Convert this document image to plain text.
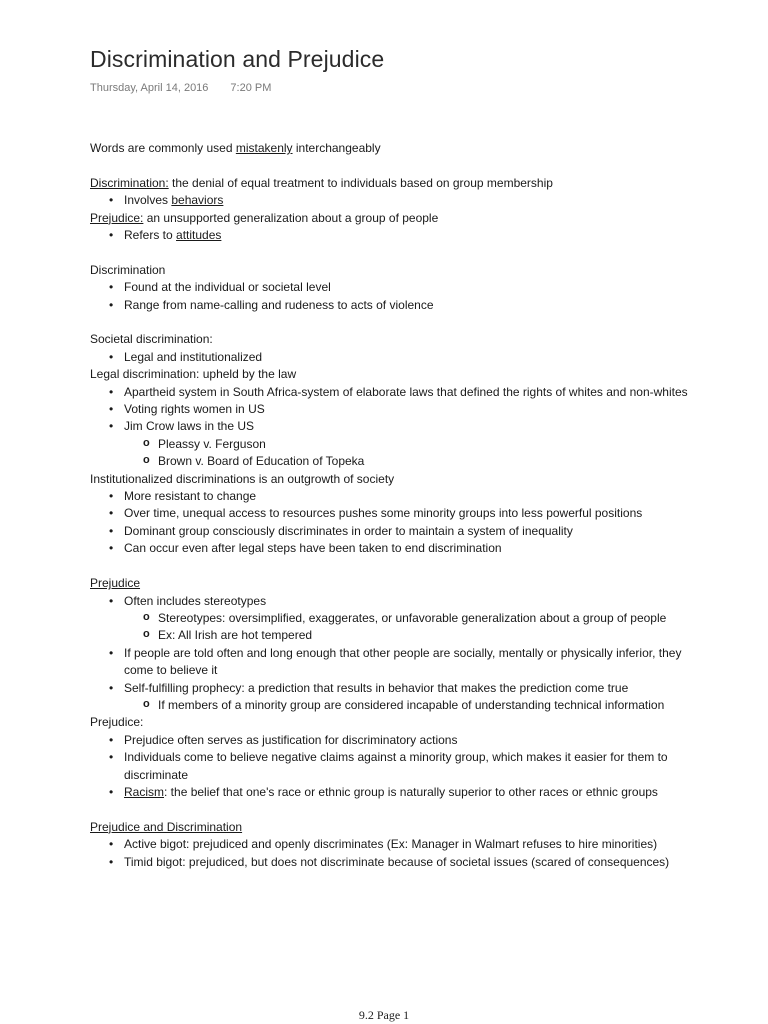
Discrimination and Prejudice
Thursday, April 14, 2016 7:20 PM

Words are commonly used mistakenly interchangeably

Discrimination: the denial of equal treatment to individuals based on group membership

• Involves behaviors

Prejudice: an unsupported generalization about a group of people

• Refers to attitudes

Discrimination

• Found at the individual or societal level
• Range from name-calling and rudeness to acts of violence

Societal discrimination:

• Legal and institutionalized

Legal discrimination: upheld by the law

• Apartheid system in South Africa-system of elaborate laws that defined the rights of whites and non-whites
• Voting rights women in US
• Jim Crow laws in the US
o Pleassy v. Ferguson
o Brown v. Board of Education of Topeka

Institutionalized discriminations is an outgrowth of society

• More resistant to change
• Over time, unequal access to resources pushes some minority groups into less powerful positions
• Dominant group consciously discriminates in order to maintain a system of inequality
• Can occur even after legal steps have been taken to end discrimination

Prejudice

• Often includes stereotypes
o Stereotypes: oversimplified, exaggerates, or unfavorable generalization about a group of people
o Ex: All Irish are hot tempered
• If people are told often and long enough that other people are socially, mentally or physically inferior, they come to believe it
• Self-fulfilling prophecy: a prediction that results in behavior that makes the prediction come true
o If members of a minority group are considered incapable of understanding technical information

Prejudice:

• Prejudice often serves as justification for discriminatory actions
• Individuals come to believe negative claims against a minority group, which makes it easier for them to discriminate
• Racism: the belief that one's race or ethnic group is naturally superior to other races or ethnic groups

Prejudice and Discrimination

• Active bigot: prejudiced and openly discriminates (Ex: Manager in Walmart refuses to hire minorities)
• Timid bigot: prejudiced, but does not discriminate because of societal issues (scared of consequences)
9.2 Page 1
